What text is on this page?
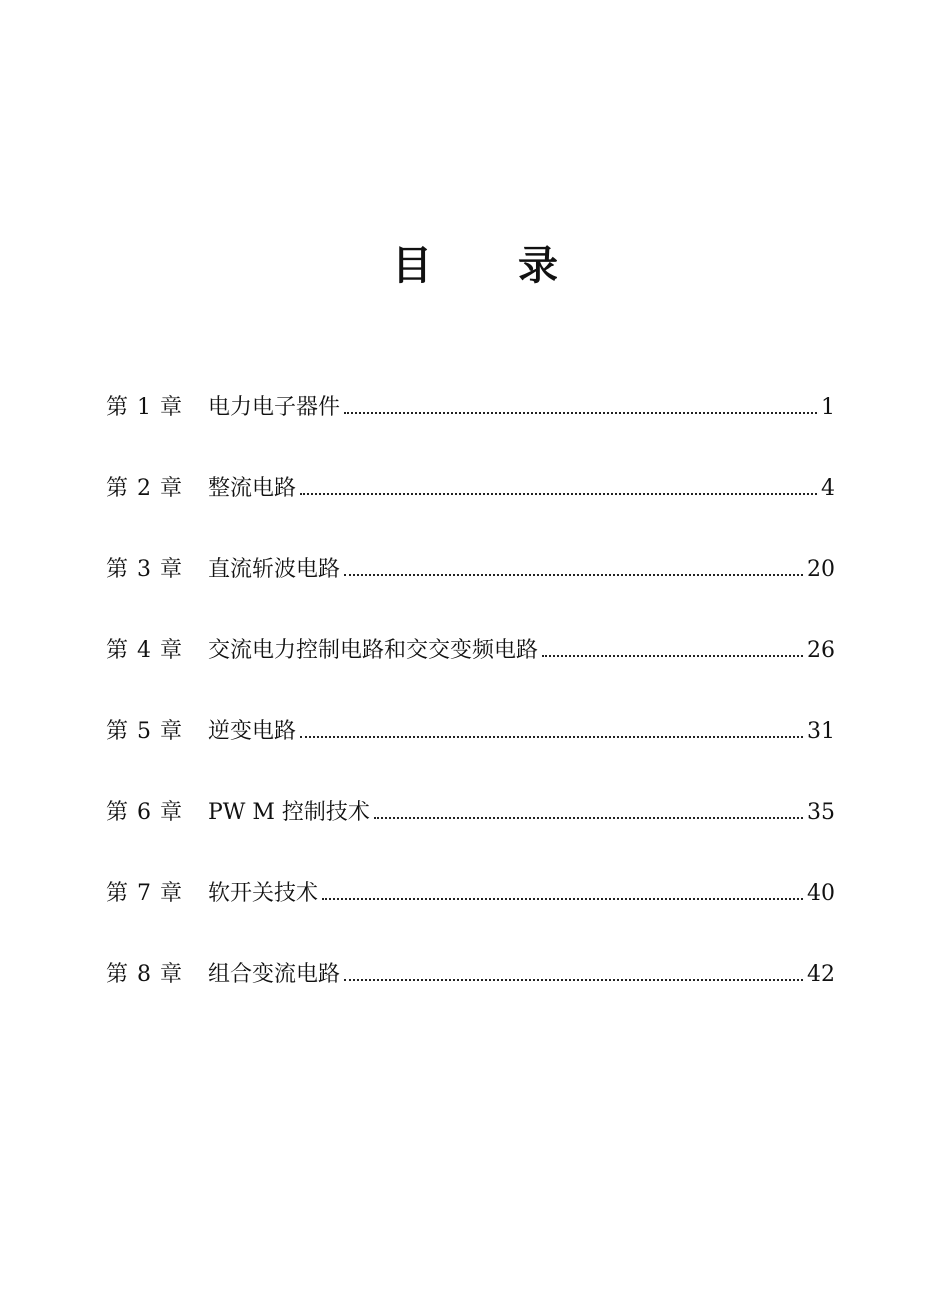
目 录
第 1 章	电力电子器件	1
第 2 章	整流电路	4
第 3 章	直流斩波电路	20
第 4 章	交流电力控制电路和交交变频电路	26
第 5 章	逆变电路	31
第 6 章	PW M 控制技术	35
第 7 章	软开关技术	40
第 8 章	组合变流电路	42
